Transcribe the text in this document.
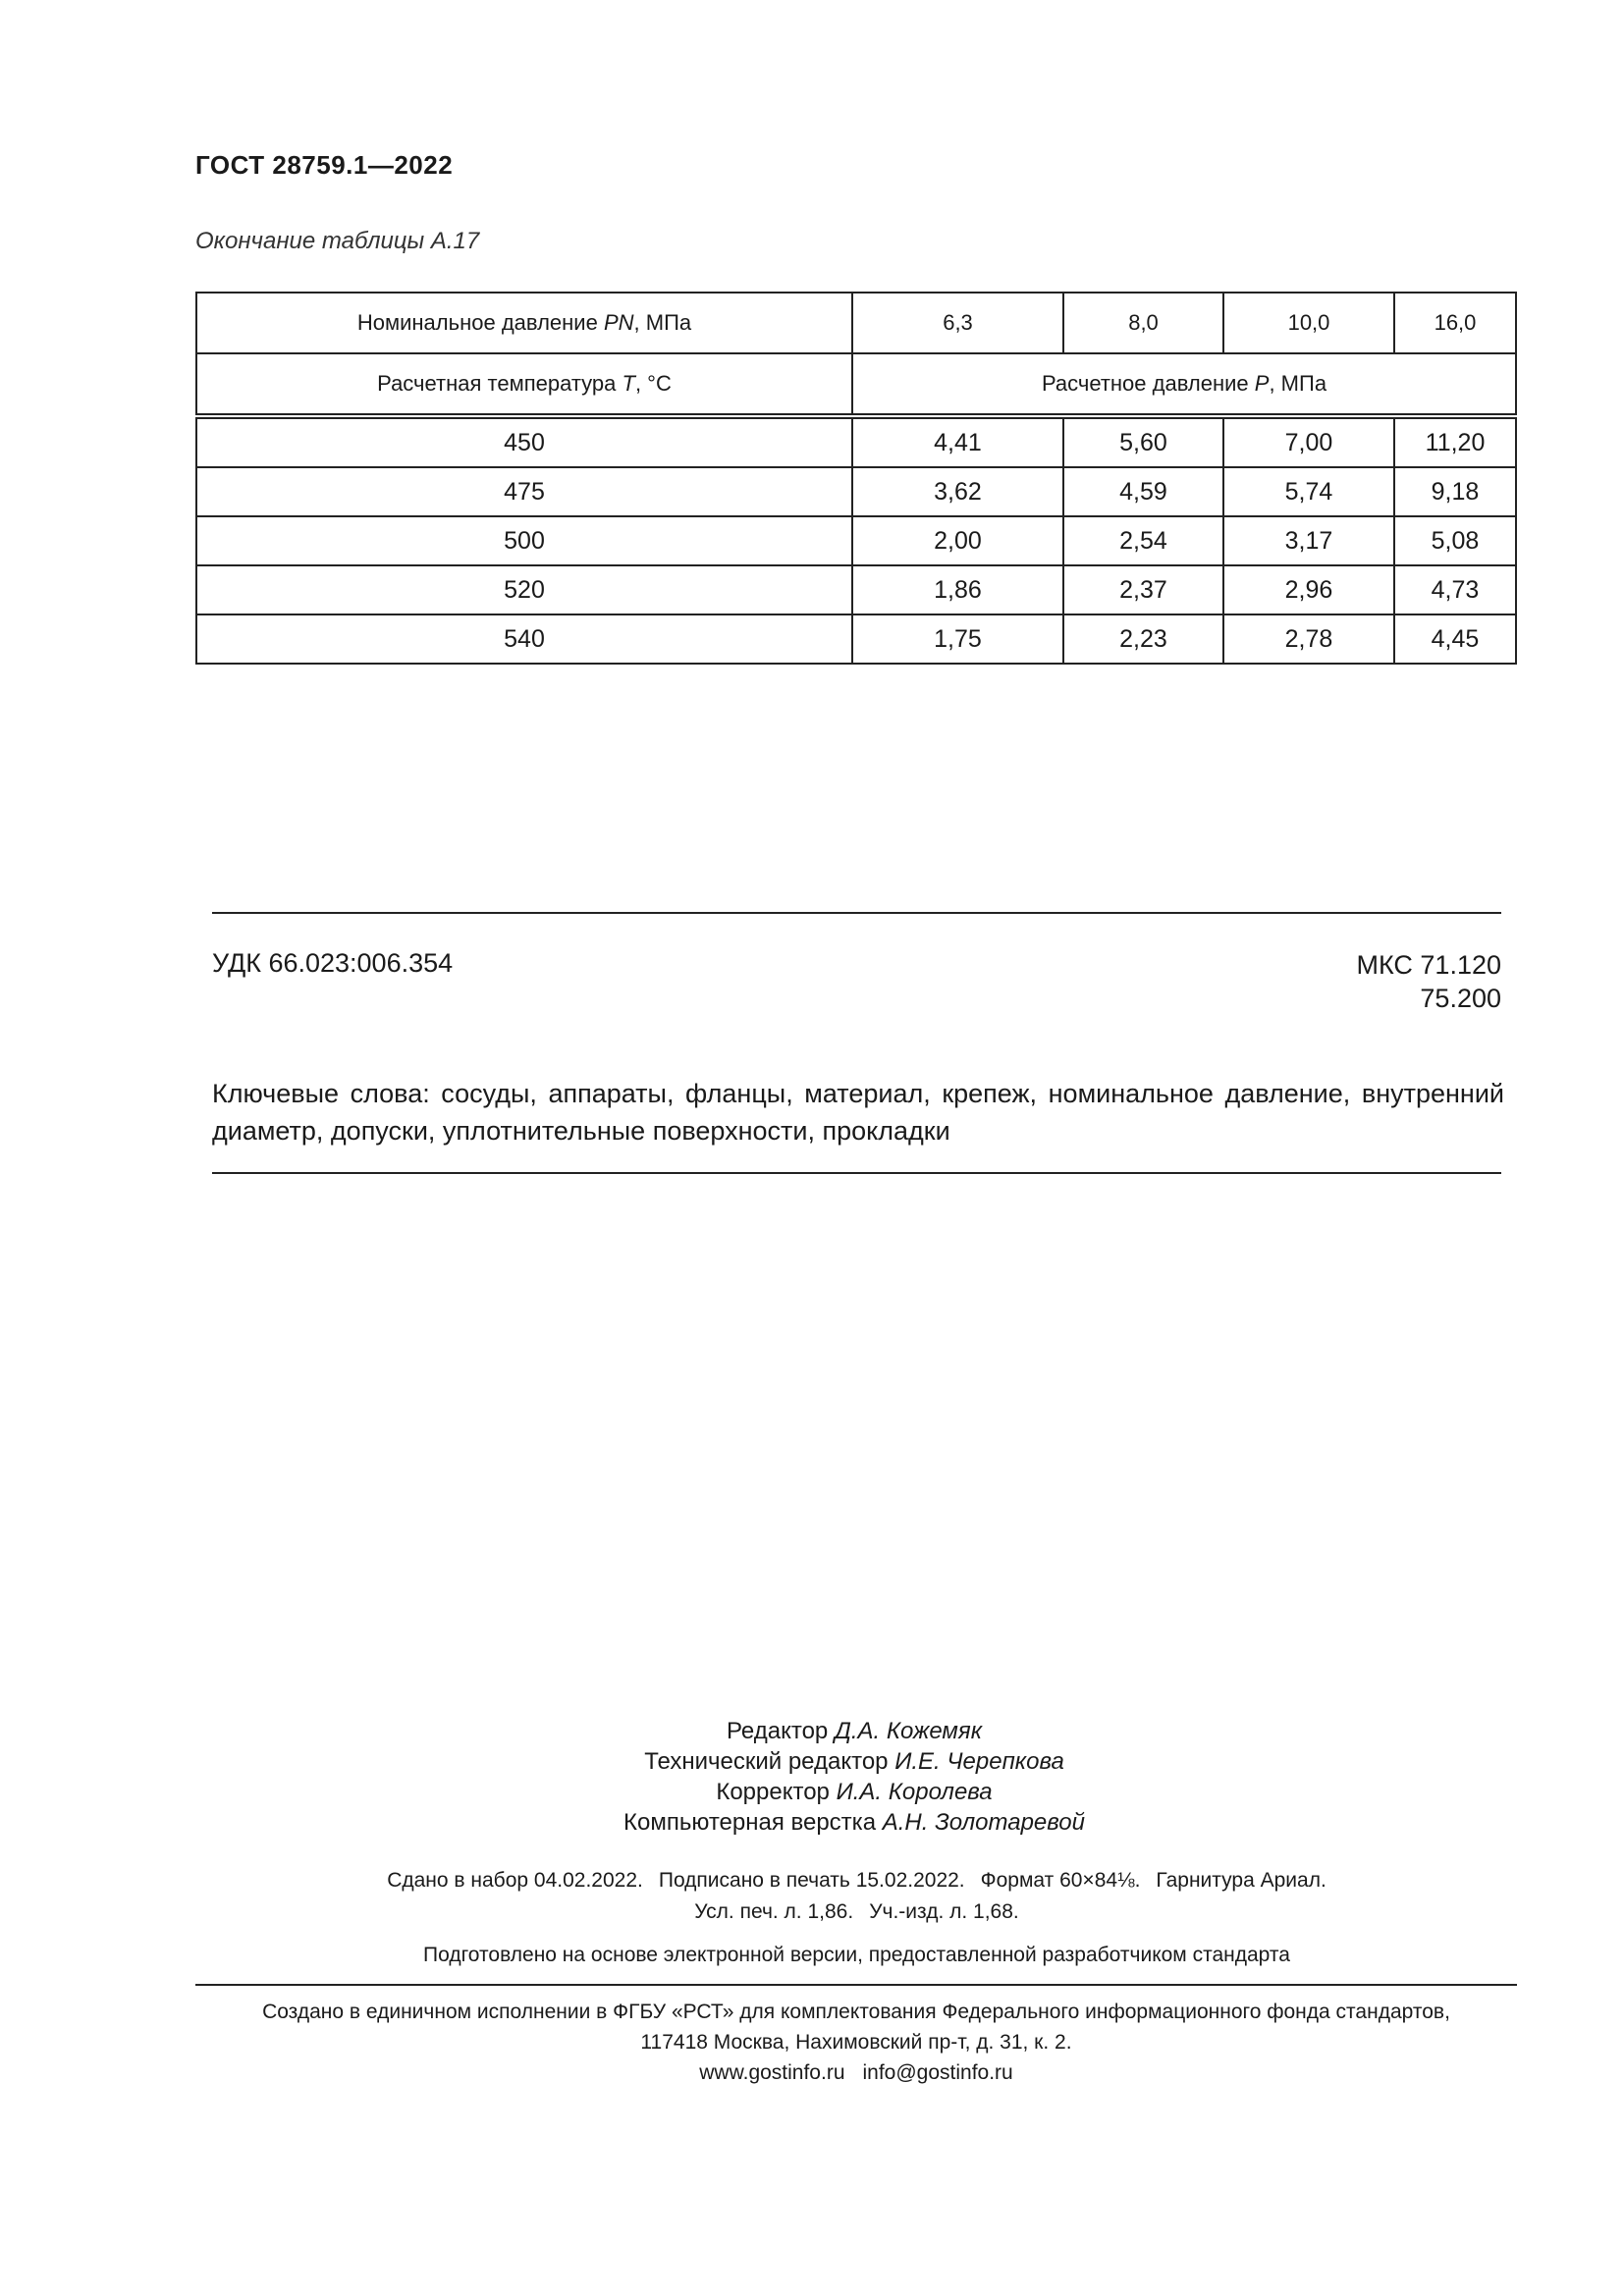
ГОСТ 28759.1—2022
Окончание таблицы А.17
Номинальное давление PN, МПа	6,3	8,0	10,0	16,0
Расчетная температура T, °С	Расчетное давление P, МПа			
450	4,41	5,60	7,00	11,20
475	3,62	4,59	5,74	9,18
500	2,00	2,54	3,17	5,08
520	1,86	2,37	2,96	4,73
540	1,75	2,23	2,78	4,45
УДК 66.023:006.354	МКС 71.120
75.200
Ключевые слова: сосуды, аппараты, фланцы, материал, крепеж, номинальное давление, внутренний диаметр, допуски, уплотнительные поверхности, прокладки
Редактор Д.А. Кожемяк
Технический редактор И.Е. Черепкова
Корректор И.А. Королева
Компьютерная верстка А.Н. Золотаревой
Сдано в набор 04.02.2022. Подписано в печать 15.02.2022. Формат 60×84⅛. Гарнитура Ариал.
Усл. печ. л. 1,86. Уч.-изд. л. 1,68.
Подготовлено на основе электронной версии, предоставленной разработчиком стандарта
Создано в единичном исполнении в ФГБУ «РСТ» для комплектования Федерального информационного фонда стандартов,
117418 Москва, Нахимовский пр-т, д. 31, к. 2.
www.gostinfo.ru info@gostinfo.ru
